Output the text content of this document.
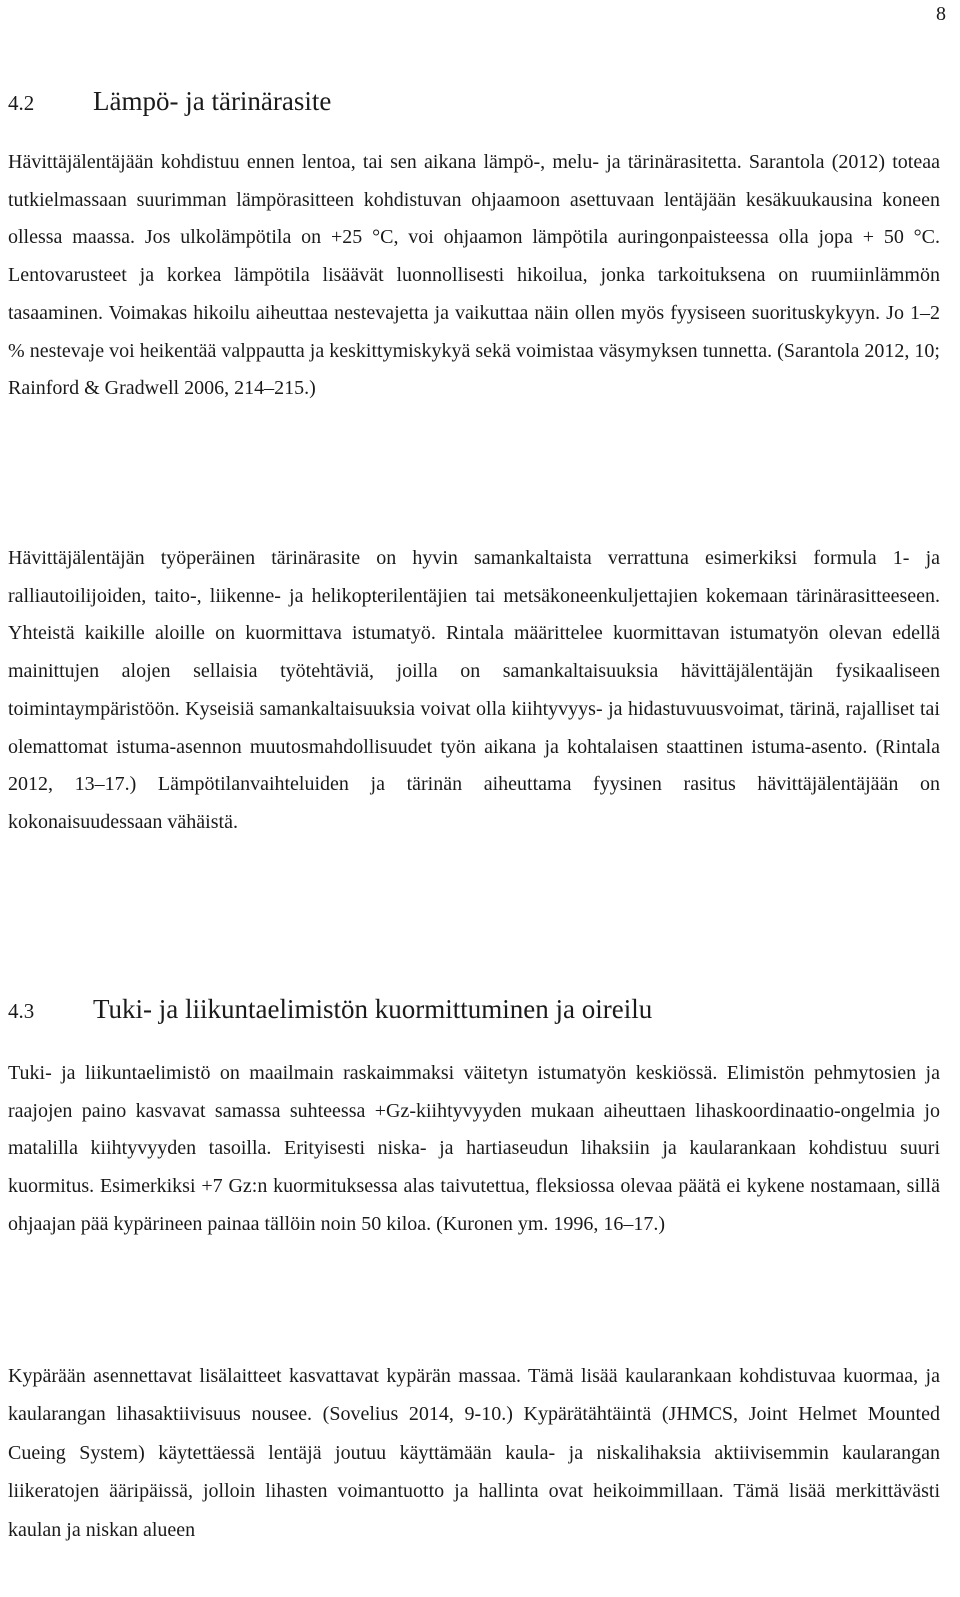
8
4.2	Lämpö- ja tärinärasite

Hävittäjälentäjään kohdistuu ennen lentoa, tai sen aikana lämpö-, melu- ja tärinärasitetta. Sarantola (2012) toteaa tutkielmassaan suurimman lämpörasitteen kohdistuvan ohjaamoon asettuvaan lentäjään kesäkuukausina koneen ollessa maassa. Jos ulkolämpötila on +25 °C, voi ohjaamon lämpötila auringonpaisteessa olla jopa + 50 °C. Lentovarusteet ja korkea lämpötila lisäävät luonnollisesti hikoilua, jonka tarkoituksena on ruumiinlämmön tasaaminen. Voimakas hikoilu aiheuttaa nestevajetta ja vaikuttaa näin ollen myös fyysiseen suorituskykyyn. Jo 1–2 % nestevaje voi heikentää valppautta ja keskittymiskykyä sekä voimistaa väsymyksen tunnetta. (Sarantola 2012, 10; Rainford & Gradwell 2006, 214–215.)

Hävittäjälentäjän työperäinen tärinärasite on hyvin samankaltaista verrattuna esimerkiksi formula 1- ja ralliautoilijoiden, taito-, liikenne- ja helikopterilentäjien tai metsäkoneenkuljettajien kokemaan tärinärasitteeseen. Yhteistä kaikille aloille on kuormittava istumatyö. Rintala määrittelee kuormittavan istumatyön olevan edellä mainittujen alojen sellaisia työtehtäviä, joilla on samankaltaisuuksia hävittäjälentäjän fysikaaliseen toimintaympäristöön. Kyseisiä samankaltaisuuksia voivat olla kiihtyvyys- ja hidastuvuusvoimat, tärinä, rajalliset tai olemattomat istuma-asennon muutosmahdollisuudet työn aikana ja kohtalaisen staattinen istuma-asento. (Rintala 2012, 13–17.) Lämpötilanvaihteluiden ja tärinän aiheuttama fyysinen rasitus hävittäjälentäjään on kokonaisuudessaan vähäistä.

4.3	Tuki- ja liikuntaelimistön kuormittuminen ja oireilu

Tuki- ja liikuntaelimistö on maailmain raskaimmaksi väitetyn istumatyön keskiössä. Elimistön pehmytosien ja raajojen paino kasvavat samassa suhteessa +Gz-kiihtyvyyden mukaan aiheuttaen lihaskoordinaatio-ongelmia jo matalilla kiihtyvyyden tasoilla. Erityisesti niska- ja hartiaseudun lihaksiin ja kaularankaan kohdistuu suuri kuormitus. Esimerkiksi +7 Gz:n kuormituksessa alas taivutettua, fleksiossa olevaa päätä ei kykene nostamaan, sillä ohjaajan pää kypärineen painaa tällöin noin 50 kiloa. (Kuronen ym. 1996, 16–17.)

Kypärään asennettavat lisälaitteet kasvattavat kypärän massaa. Tämä lisää kaularankaan kohdistuvaa kuormaa, ja kaularangan lihasaktiivisuus nousee. (Sovelius 2014, 9-10.) Kypärätähtäintä (JHMCS, Joint Helmet Mounted Cueing System) käytettäessä lentäjä joutuu käyttämään kaula- ja niskalihaksia aktiivisemmin kaularangan liikeratojen ääripäissä, jolloin lihasten voimantuotto ja hallinta ovat heikoimmillaan. Tämä lisää merkittävästi kaulan ja niskan alueen
